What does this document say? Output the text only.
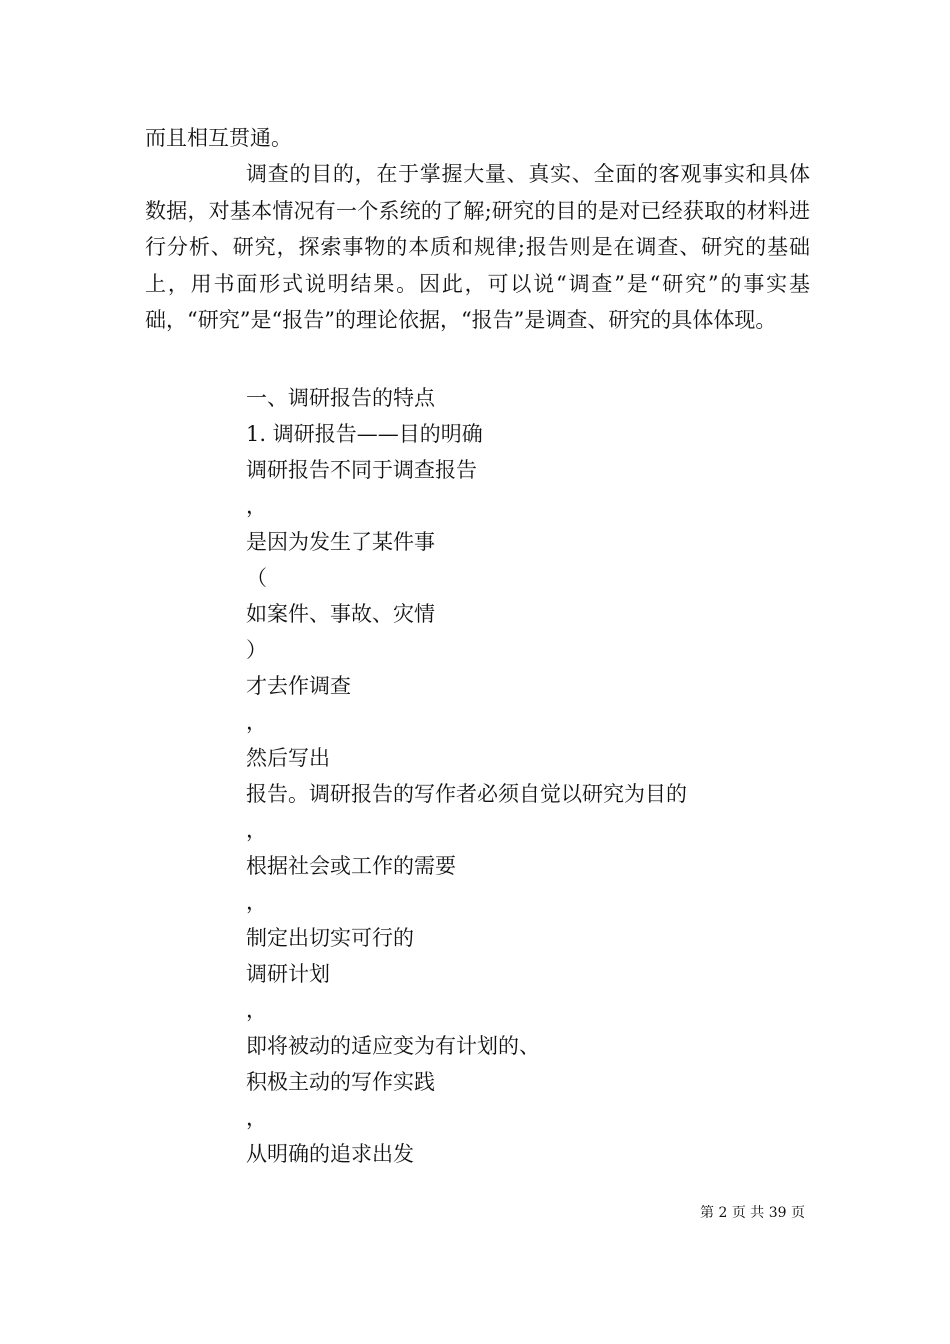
而且相互贯通。

调查的目的，在于掌握大量、真实、全面的客观事实和具体数据，对基本情况有一个系统的了解;研究的目的是对已经获取的材料进行分析、研究，探索事物的本质和规律;报告则是在调查、研究的基础上，用书面形式说明结果。因此，可以说“调查”是“研究”的事实基础，“研究”是“报告”的理论依据，“报告”是调查、研究的具体体现。

一、调研报告的特点
1. 调研报告——目的明确
调研报告不同于调查报告
，
是因为发生了某件事
（
如案件、事故、灾情
）
才去作调查
，
然后写出
报告。调研报告的写作者必须自觉以研究为目的
，
根据社会或工作的需要
，
制定出切实可行的
调研计划
，
即将被动的适应变为有计划的、
积极主动的写作实践
，
从明确的追求出发
第 2 页 共 39 页
